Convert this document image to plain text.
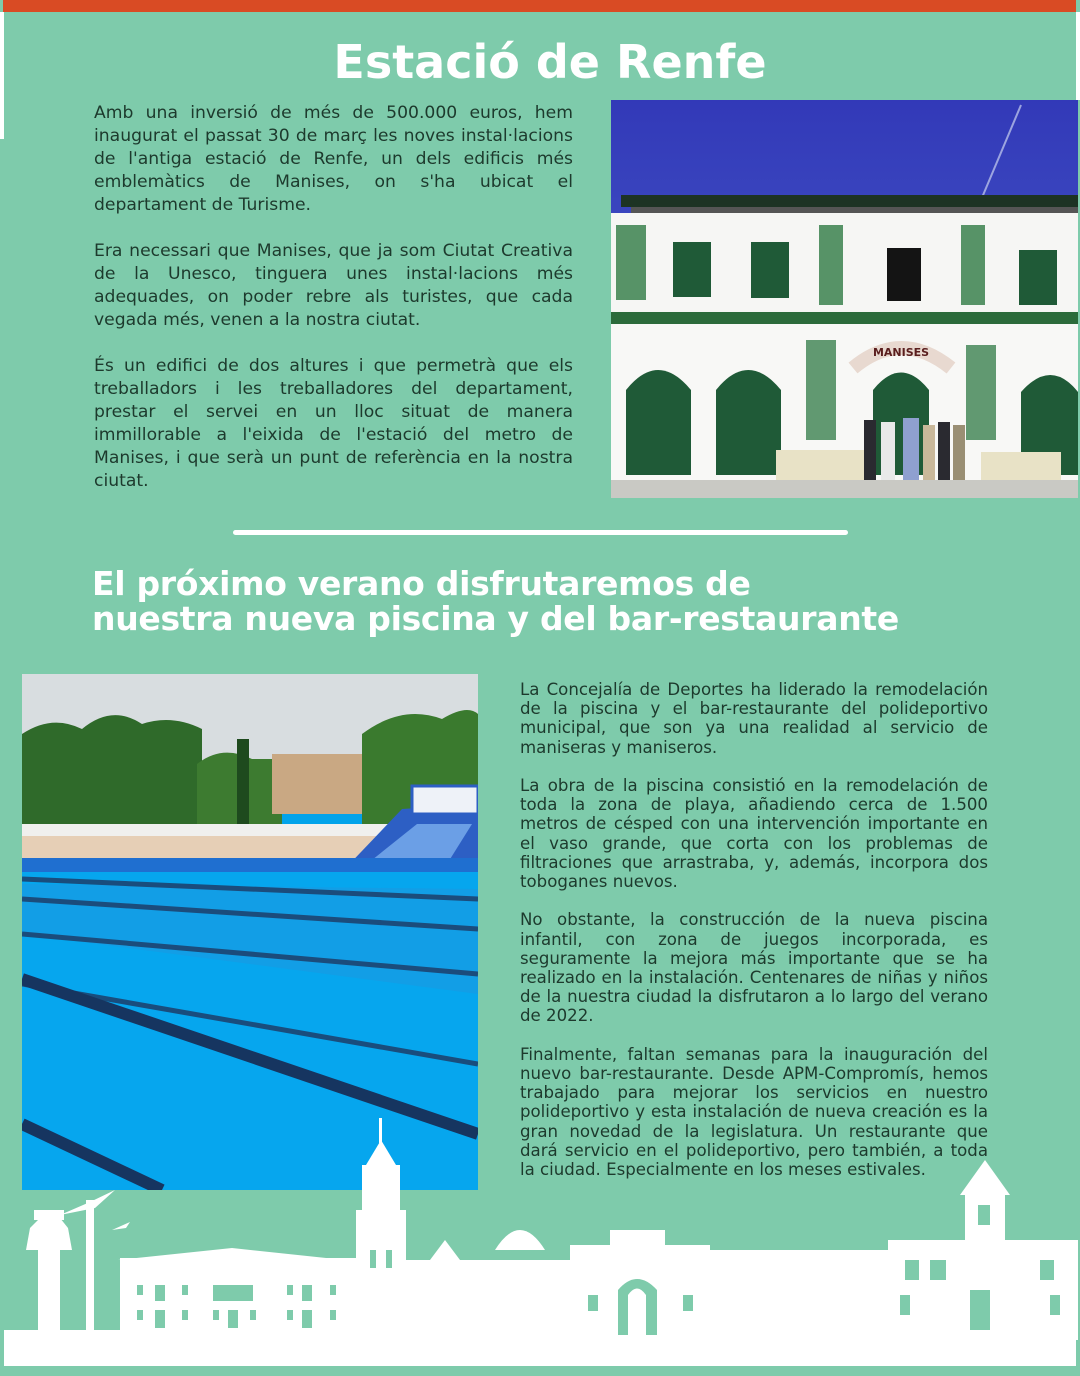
Estació de Renfe

Amb una inversió de més de 500.000 euros, hem inaugurat el passat 30 de març les noves instal·lacions de l'antiga estació de Renfe, un dels edificis més emblemàtics de Manises, on s'ha ubicat el departament de Turisme.

Era necessari que Manises, que ja som Ciutat Creativa de la Unesco, tinguera unes instal·lacions més adequades, on poder rebre als turistes, que cada vegada més, venen a la nostra ciutat.

És un edifici de dos altures i que permetrà que els treballadors i les treballadores del departament, prestar el servei en un lloc situat de manera immillorable a l'eixida de l'estació del metro de Manises, i que serà un punt de referència en la nostra ciutat.

MANISES
El próximo verano disfrutaremos de
nuestra nueva piscina y del bar-restaurante

La Concejalía de Deportes ha liderado la remodelación de la piscina y el bar-restaurante del polideportivo municipal, que son ya una realidad al servicio de maniseras y maniseros.

La obra de la piscina consistió en la remodelación de toda la zona de playa, añadiendo cerca de 1.500 metros de césped con una intervención importante en el vaso grande, que corta con los problemas de filtraciones que arrastraba, y, además, incorpora dos toboganes nuevos.

No obstante, la construcción de la nueva piscina infantil, con zona de juegos incorporada, es seguramente la mejora más importante que se ha realizado en la instalación. Centenares de niñas y niños de la nuestra ciudad la disfrutaron a lo largo del verano de 2022.

Finalmente, faltan semanas para la inauguración del nuevo bar-restaurante. Desde APM-Compromís, hemos trabajado para mejorar los servicios en nuestro polideportivo y esta instalación de nueva creación es la gran novedad de la legislatura. Un restaurante que dará servicio en el polideportivo, pero también, a toda la ciudad. Especialmente en los meses estivales.
